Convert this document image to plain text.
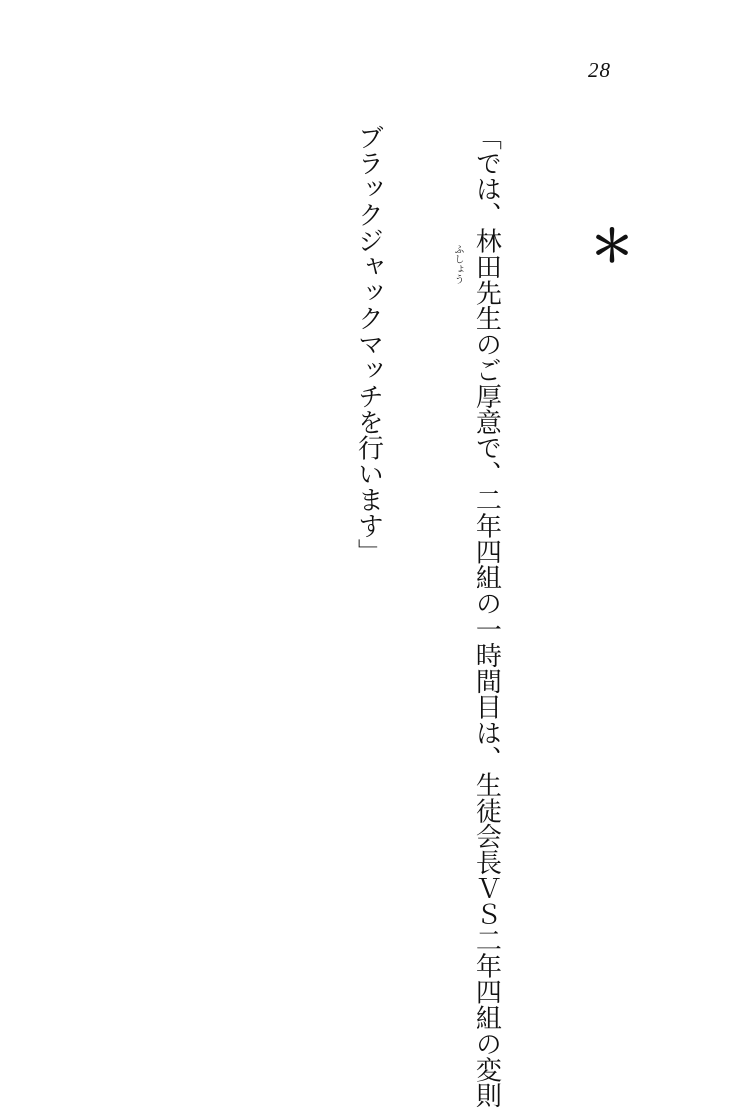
28
＊
ふしょう

「では、林田先生のご厚意で、二年四組の一時間目は、生徒会長ＶＳ二年四組の変則

ブラックジャックマッチを行います」
